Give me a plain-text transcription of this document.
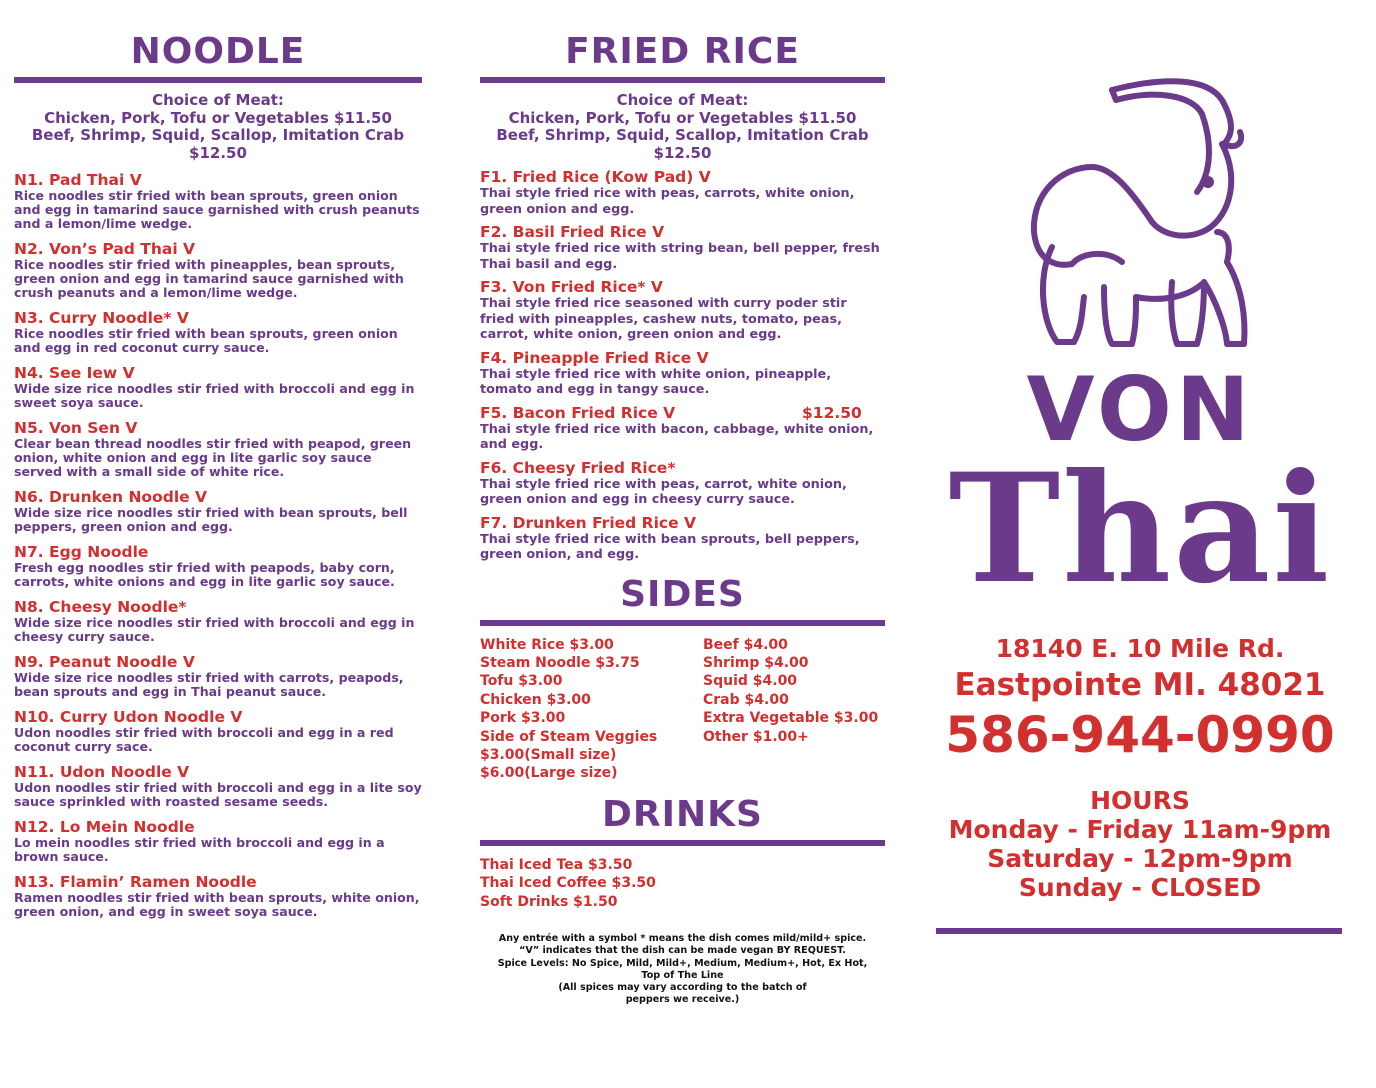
NOODLE
Choice of Meat:
Chicken, Pork, Tofu or Vegetables $11.50
Beef, Shrimp, Squid, Scallop, Imitation Crab
$12.50
N1. Pad Thai V
Rice noodles stir fried with bean sprouts, green onion and egg in tamarind sauce garnished with crush peanuts and a lemon/lime wedge.
N2. Von’s Pad Thai V
Rice noodles stir fried with pineapples, bean sprouts, green onion and egg in tamarind sauce garnished with crush peanuts and a lemon/lime wedge.
N3. Curry Noodle* V
Rice noodles stir fried with bean sprouts, green onion and egg in red coconut curry sauce.
N4. See Iew V
Wide size rice noodles stir fried with broccoli and egg in sweet soya sauce.
N5. Von Sen V
Clear bean thread noodles stir fried with peapod, green onion, white onion and egg in lite garlic soy sauce served with a small side of white rice.
N6. Drunken Noodle V
Wide size rice noodles stir fried with bean sprouts, bell peppers, green onion and egg.
N7. Egg Noodle
Fresh egg noodles stir fried with peapods, baby corn, carrots, white onions and egg in lite garlic soy sauce.
N8. Cheesy Noodle*
Wide size rice noodles stir fried with broccoli and egg in cheesy curry sauce.
N9. Peanut Noodle V
Wide size rice noodles stir fried with carrots, peapods, bean sprouts and egg in Thai peanut sauce.
N10. Curry Udon Noodle V
Udon noodles stir fried with broccoli and egg in a red coconut curry sace.
N11. Udon Noodle V
Udon noodles stir fried with broccoli and egg in a lite soy sauce sprinkled with roasted sesame seeds.
N12. Lo Mein Noodle
Lo mein noodles stir fried with broccoli and egg in a brown sauce.
N13. Flamin’ Ramen Noodle
Ramen noodles stir fried with bean sprouts, white onion, green onion, and egg in sweet soya sauce.
FRIED RICE
Choice of Meat:
Chicken, Pork, Tofu or Vegetables $11.50
Beef, Shrimp, Squid, Scallop, Imitation Crab
$12.50
F1. Fried Rice (Kow Pad) V
Thai style fried rice with peas, carrots, white onion, green onion and egg.
F2. Basil Fried Rice V
Thai style fried rice with string bean, bell pepper, fresh Thai basil and egg.
F3. Von Fried Rice* V
Thai style fried rice seasoned with curry poder stir fried with pineapples, cashew nuts, tomato, peas, carrot, white onion, green onion and egg.
F4. Pineapple Fried Rice V
Thai style fried rice with white onion, pineapple, tomato and egg in tangy sauce.
F5. Bacon Fried Rice V	$12.50
Thai style fried rice with bacon, cabbage, white onion, and egg.
F6. Cheesy Fried Rice*
Thai style fried rice with peas, carrot, white onion, green onion and egg in cheesy curry sauce.
F7. Drunken Fried Rice V
Thai style fried rice with bean sprouts, bell peppers, green onion, and egg.
SIDES
White Rice $3.00
Steam Noodle $3.75
Tofu $3.00
Chicken $3.00
Pork $3.00
Side of Steam Veggies
$3.00(Small size)
$6.00(Large size)
Beef $4.00
Shrimp $4.00
Squid $4.00
Crab $4.00
Extra Vegetable $3.00
Other $1.00+
DRINKS
Thai Iced Tea $3.50
Thai Iced Coffee $3.50
Soft Drinks $1.50
Any entrée with a symbol * means the dish comes mild/mild+ spice.
“V” indicates that the dish can be made vegan BY REQUEST.
Spice Levels: No Spice, Mild, Mild+, Medium, Medium+, Hot, Ex Hot,
Top of The Line
(All spices may vary according to the batch of
peppers we receive.)
VON
Thai
18140 E. 10 Mile Rd.
Eastpointe MI. 48021
586-944-0990
HOURS
Monday - Friday 11am-9pm
Saturday - 12pm-9pm
Sunday - CLOSED
